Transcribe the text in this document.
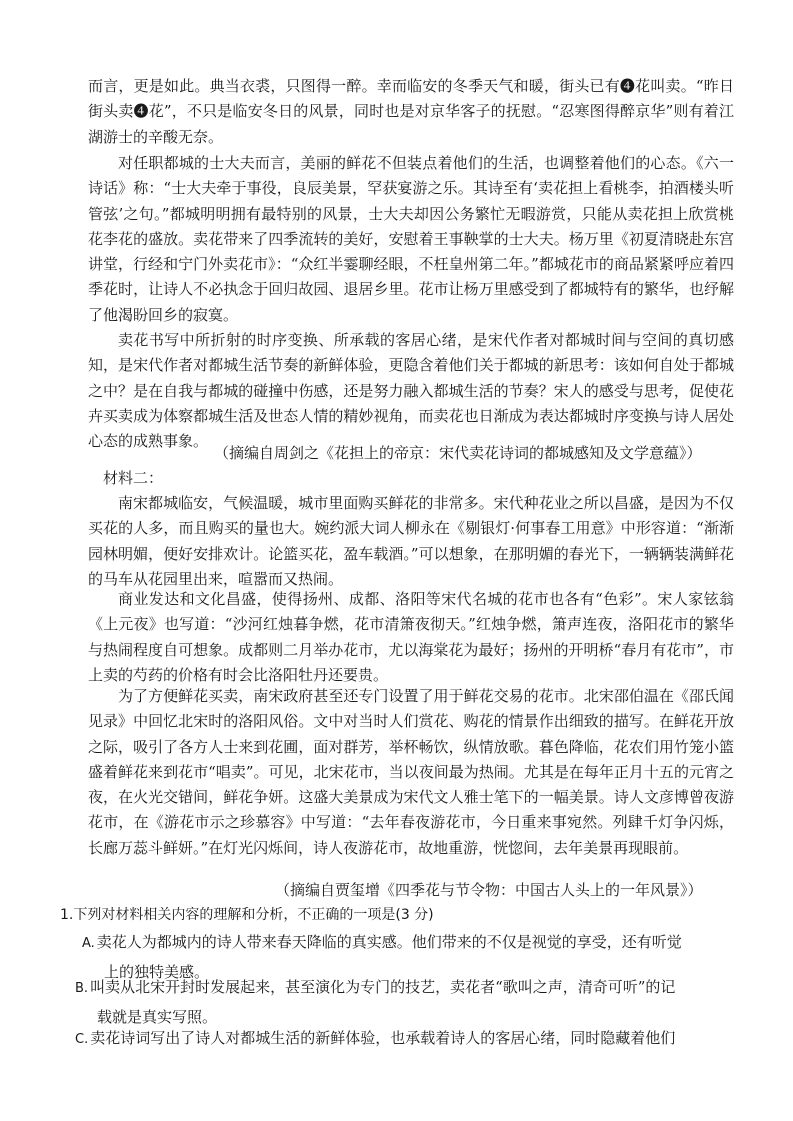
而言，更是如此。典当衣裘，只图得一醉。幸而临安的冬季天气和暖，街头已有❹花叫卖。“昨日街头卖❹花”，不只是临安冬日的风景，同时也是对京华客子的抚慰。“忍寒图得醉京华”则有着江湖游士的辛酸无奈。

对任职都城的士大夫而言，美丽的鲜花不但装点着他们的生活，也调整着他们的心态。《六一诗话》称：“士大夫牵于事役，良辰美景，罕获宴游之乐。其诗至有‘卖花担上看桃李，拍酒楼头听管弦’之句。”都城明明拥有最特别的风景，士大夫却因公务繁忙无暇游赏，只能从卖花担上欣赏桃花李花的盛放。卖花带来了四季流转的美好，安慰着王事鞅掌的士大夫。杨万里《初夏清晓赴东宫讲堂，行经和宁门外卖花市》：“众红半霎聊经眼，不枉皇州第二年。”都城花市的商品紧紧呼应着四季花时，让诗人不必执念于回归故园、退居乡里。花市让杨万里感受到了都城特有的繁华，也纾解了他渴盼回乡的寂寞。

卖花书写中所折射的时序变换、所承载的客居心绪，是宋代作者对都城时间与空间的真切感知，是宋代作者对都城生活节奏的新鲜体验，更隐含着他们关于都城的新思考：该如何自处于都城之中？是在自我与都城的碰撞中伤感，还是努力融入都城生活的节奏？宋人的感受与思考，促使花卉买卖成为体察都城生活及世态人情的精妙视角，而卖花也日渐成为表达都城时序变换与诗人居处心态的成熟事象。

（摘编自周剑之《花担上的帝京：宋代卖花诗词的都城感知及文学意蕴》）

材料二：

南宋都城临安，气候温暖，城市里面购买鲜花的非常多。宋代种花业之所以昌盛，是因为不仅买花的人多，而且购买的量也大。婉约派大词人柳永在《剔银灯·何事春工用意》中形容道：“渐渐园林明媚，便好安排欢计。论篮买花，盈车载酒。”可以想象，在那明媚的春光下，一辆辆装满鲜花的马车从花园里出来，喧嚣而又热闹。

商业发达和文化昌盛，使得扬州、成都、洛阳等宋代名城的花市也各有“色彩”。宋人家铉翁《上元夜》也写道：“沙河红烛暮争燃，花市清箫夜彻天。”红烛争燃，箫声连夜，洛阳花市的繁华与热闹程度自可想象。成都则二月举办花市，尤以海棠花为最好；扬州的开明桥“春月有花市”，市上卖的芍药的价格有时会比洛阳牡丹还要贵。

为了方便鲜花买卖，南宋政府甚至还专门设置了用于鲜花交易的花市。北宋邵伯温在《邵氏闻见录》中回忆北宋时的洛阳风俗。文中对当时人们赏花、购花的情景作出细致的描写。在鲜花开放之际，吸引了各方人士来到花圃，面对群芳，举杯畅饮，纵情放歌。暮色降临，花农们用竹笼小篮盛着鲜花来到花市“唱卖”。可见，北宋花市，当以夜间最为热闹。尤其是在每年正月十五的元宵之夜，在火光交错间，鲜花争妍。这盛大美景成为宋代文人雅士笔下的一幅美景。诗人文彦博曾夜游花市，在《游花市示之珍慕容》中写道：“去年春夜游花市，今日重来事宛然。列肆千灯争闪烁，长廊万蕊斗鲜妍。”在灯光闪烁间，诗人夜游花市，故地重游，恍惚间，去年美景再现眼前。

（摘编自贾玺增《四季花与节令物：中国古人头上的一年风景》）

1.下列对材料相关内容的理解和分析，不正确的一项是(3 分)

A. 卖花人为都城内的诗人带来春天降临的真实感。他们带来的不仅是视觉的享受，还有听觉
上的独特美感。

B. 叫卖从北宋开封时发展起来，甚至演化为专门的技艺，卖花者“歌叫之声，清奇可听”的记
载就是真实写照。

C. 卖花诗词写出了诗人对都城生活的新鲜体验，也承载着诗人的客居心绪，同时隐藏着他们
